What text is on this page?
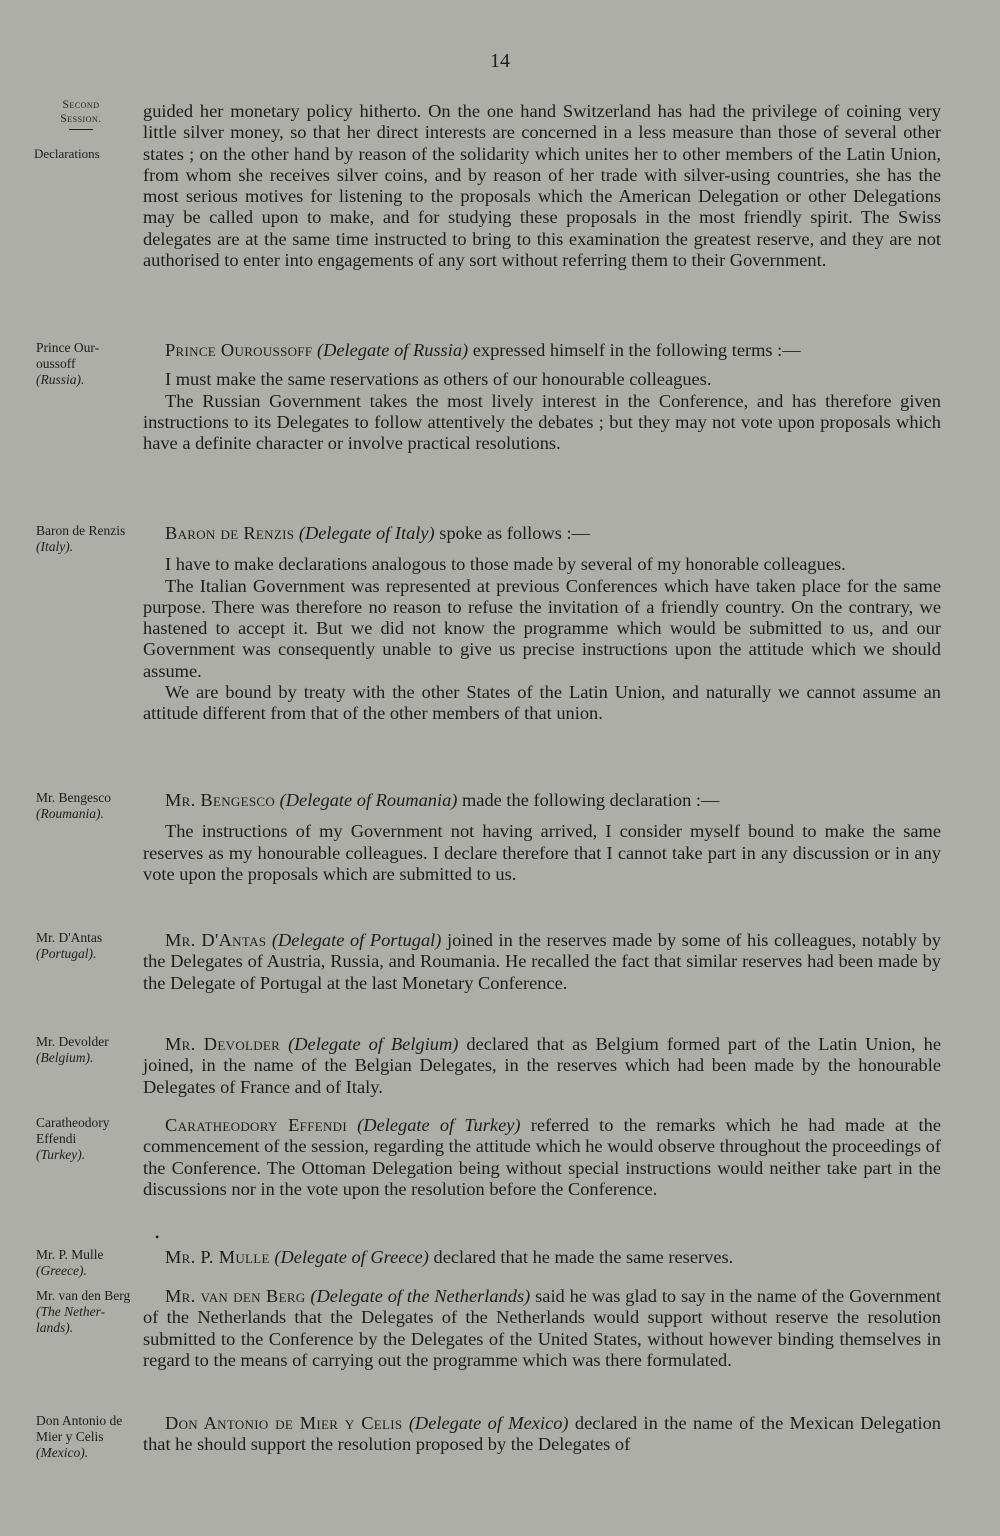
14
Second
Session.
Declarations

guided her monetary policy hitherto. On the one hand Switzerland has had the privilege of coining very little silver money, so that her direct interests are concerned in a less measure than those of several other states ; on the other hand by reason of the solidarity which unites her to other members of the Latin Union, from whom she receives silver coins, and by reason of her trade with silver-using countries, she has the most serious motives for listening to the proposals which the American Delegation or other Delegations may be called upon to make, and for studying these proposals in the most friendly spirit. The Swiss delegates are at the same time instructed to bring to this examination the greatest reserve, and they are not authorised to enter into engagements of any sort without referring them to their Government.

Prince Our- oussoff
(Russia).

Prince Ouroussoff (Delegate of Russia) expressed himself in the following terms :—

I must make the same reservations as others of our honourable colleagues.

The Russian Government takes the most lively interest in the Conference, and has therefore given instructions to its Delegates to follow attentively the debates ; but they may not vote upon proposals which have a definite character or involve practical resolutions.

Baron de Renzis
(Italy).

Baron de Renzis (Delegate of Italy) spoke as follows :—

I have to make declarations analogous to those made by several of my honorable colleagues.

The Italian Government was represented at previous Conferences which have taken place for the same purpose. There was therefore no reason to refuse the invitation of a friendly country. On the contrary, we hastened to accept it. But we did not know the programme which would be submitted to us, and our Government was consequently unable to give us precise instructions upon the attitude which we should assume.

We are bound by treaty with the other States of the Latin Union, and naturally we cannot assume an attitude different from that of the other members of that union.

Mr. Bengesco
(Roumania).

Mr. Bengesco (Delegate of Roumania) made the following declaration :—

The instructions of my Government not having arrived, I consider myself bound to make the same reserves as my honourable colleagues. I declare therefore that I cannot take part in any discussion or in any vote upon the proposals which are submitted to us.

Mr. D'Antas
(Portugal).

Mr. D'Antas (Delegate of Portugal) joined in the reserves made by some of his colleagues, notably by the Delegates of Austria, Russia, and Roumania. He recalled the fact that similar reserves had been made by the Delegate of Portugal at the last Monetary Conference.

Mr. Devolder
(Belgium).

Mr. Devolder (Delegate of Belgium) declared that as Belgium formed part of the Latin Union, he joined, in the name of the Belgian Delegates, in the reserves which had been made by the honourable Delegates of France and of Italy.

Caratheodory Effendi
(Turkey).

Caratheodory Effendi (Delegate of Turkey) referred to the remarks which he had made at the commencement of the session, regarding the attitude which he would observe throughout the proceedings of the Conference. The Ottoman Delegation being without special instructions would neither take part in the discussions nor in the vote upon the resolution before the Conference.

•
Mr. P. Mulle
(Greece).

Mr. P. Mulle (Delegate of Greece) declared that he made the same reserves.

Mr. van den Berg
(The Nether- lands).

Mr. van den Berg (Delegate of the Netherlands) said he was glad to say in the name of the Government of the Netherlands that the Delegates of the Netherlands would support without reserve the resolution submitted to the Conference by the Delegates of the United States, without however binding themselves in regard to the means of carrying out the programme which was there formulated.

Don Antonio de Mier y Celis
(Mexico).

Don Antonio de Mier y Celis (Delegate of Mexico) declared in the name of the Mexican Delegation that he should support the resolution proposed by the Delegates of
